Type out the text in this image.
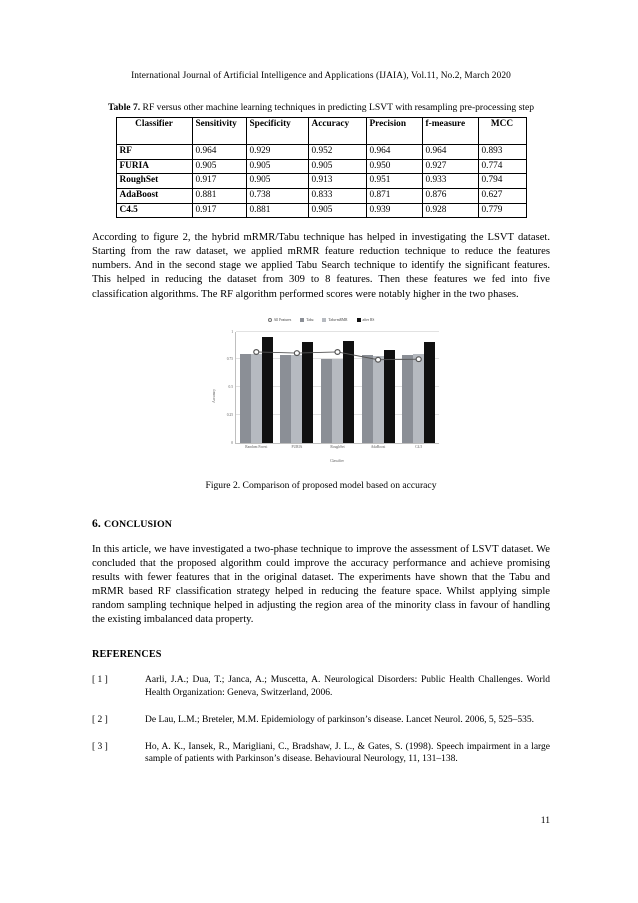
International Journal of Artificial Intelligence and Applications (IJAIA), Vol.11, No.2, March 2020
Table 7. RF versus other machine learning techniques in predicting LSVT with resampling pre-processing step
Classifier	Sensitivity	Specificity	Accuracy	Precision	f-measure	MCC
RF	0.964	0.929	0.952	0.964	0.964	0.893
FURIA	0.905	0.905	0.905	0.950	0.927	0.774
RoughSet	0.917	0.905	0.913	0.951	0.933	0.794
AdaBoost	0.881	0.738	0.833	0.871	0.876	0.627
C4.5	0.917	0.881	0.905	0.939	0.928	0.779

According to figure 2, the hybrid mRMR/Tabu technique has helped in investigating the LSVT dataset. Starting from the raw dataset, we applied mRMR feature reduction technique to reduce the features numbers. And in the second stage we applied Tabu Search technique to identify the significant features. This helped in reducing the dataset from 309 to 8 features. Then these features we fed into five classification algorithms. The RF algorithm performed scores were notably higher in the two phases.

All Features	Tabu	Tabu-mRMR	after RS
Accuracy
0
0.25
0.5
0.75
1
Random Forest	FURIA	RoughSet	AdaBoost	C4.5
Classifier
Figure 2. Comparison of proposed model based on accuracy
6. CONCLUSION

In this article, we have investigated a two-phase technique to improve the assessment of LSVT dataset. We concluded that the proposed algorithm could improve the accuracy performance and achieve promising results with fewer features that in the original dataset. The experiments have shown that the Tabu and mRMR based RF classification strategy helped in reducing the feature space. Whilst applying simple random sampling technique helped in adjusting the region area of the minority class in favour of handling the existing imbalanced data property.

REFERENCES
[ 1 ]	Aarli, J.A.; Dua, T.; Janca, A.; Muscetta, A. Neurological Disorders: Public Health Challenges. World Health Organization: Geneva, Switzerland, 2006.
[ 2 ]	De Lau, L.M.; Breteler, M.M. Epidemiology of parkinson’s disease. Lancet Neurol. 2006, 5, 525–535.
[ 3 ]	Ho, A. K., Iansek, R., Marigliani, C., Bradshaw, J. L., & Gates, S. (1998). Speech impairment in a large sample of patients with Parkinson’s disease. Behavioural Neurology, 11, 131–138.
11
